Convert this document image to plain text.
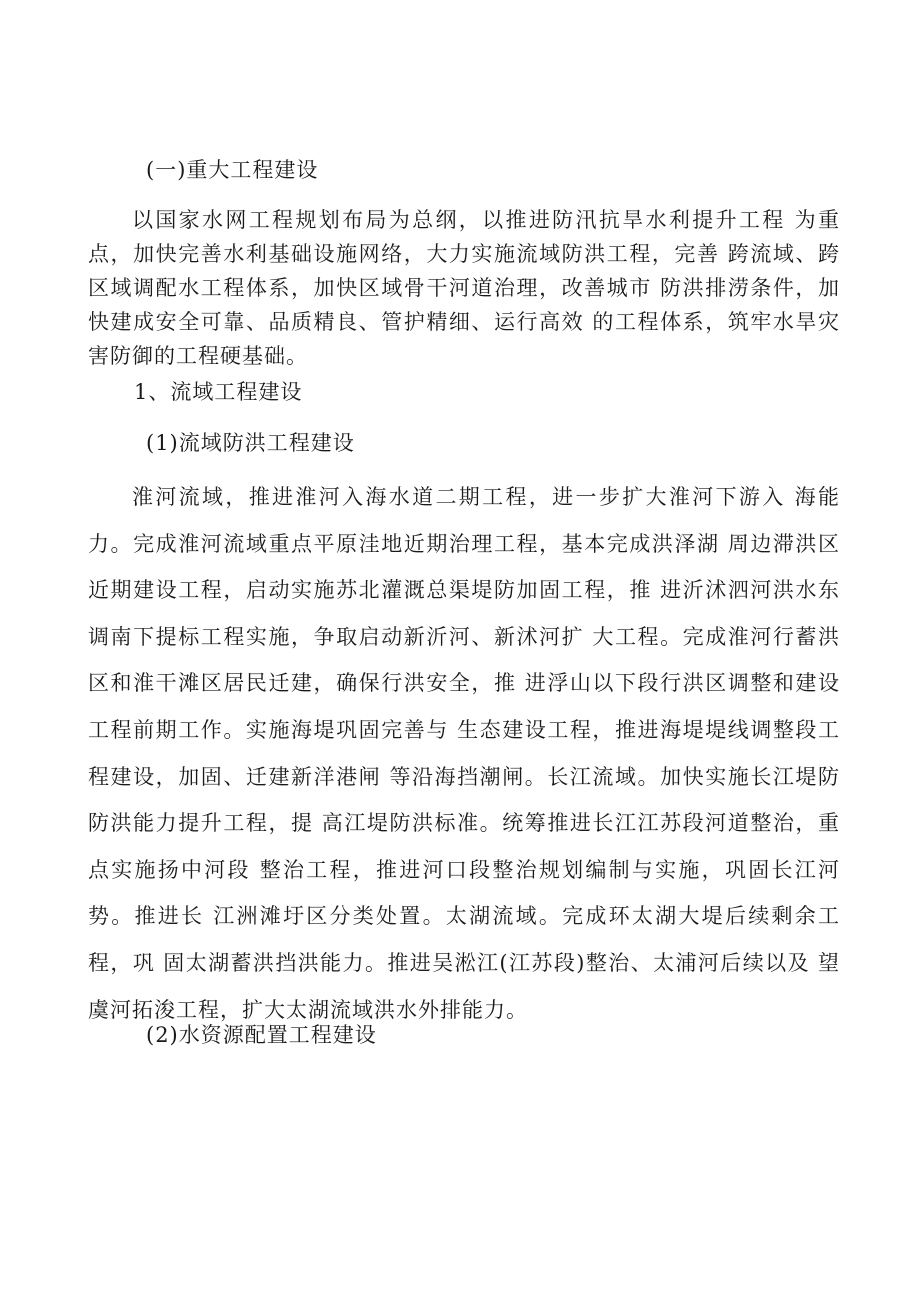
(一)重大工程建设

以国家水网工程规划布局为总纲，以推进防汛抗旱水利提升工程 为重点，加快完善水利基础设施网络，大力实施流域防洪工程，完善 跨流域、跨区域调配水工程体系，加快区域骨干河道治理，改善城市 防洪排涝条件，加快建成安全可靠、品质精良、管护精细、运行高效 的工程体系，筑牢水旱灾害防御的工程硬基础。

1、流域工程建设
(1)流域防洪工程建设

淮河流域，推进淮河入海水道二期工程，进一步扩大淮河下游入 海能力。完成淮河流域重点平原洼地近期治理工程，基本完成洪泽湖 周边滞洪区近期建设工程，启动实施苏北灌溉总渠堤防加固工程，推 进沂沭泗河洪水东调南下提标工程实施，争取启动新沂河、新沭河扩 大工程。完成淮河行蓄洪区和淮干滩区居民迁建，确保行洪安全，推 进浮山以下段行洪区调整和建设工程前期工作。实施海堤巩固完善与 生态建设工程，推进海堤堤线调整段工程建设，加固、迁建新洋港闸 等沿海挡潮闸。长江流域。加快实施长江堤防防洪能力提升工程，提 高江堤防洪标准。统筹推进长江江苏段河道整治，重点实施扬中河段 整治工程，推进河口段整治规划编制与实施，巩固长江河势。推进长 江洲滩圩区分类处置。太湖流域。完成环太湖大堤后续剩余工程，巩 固太湖蓄洪挡洪能力。推进吴淞江(江苏段)整治、太浦河后续以及 望虞河拓浚工程，扩大太湖流域洪水外排能力。

(2)水资源配置工程建设
